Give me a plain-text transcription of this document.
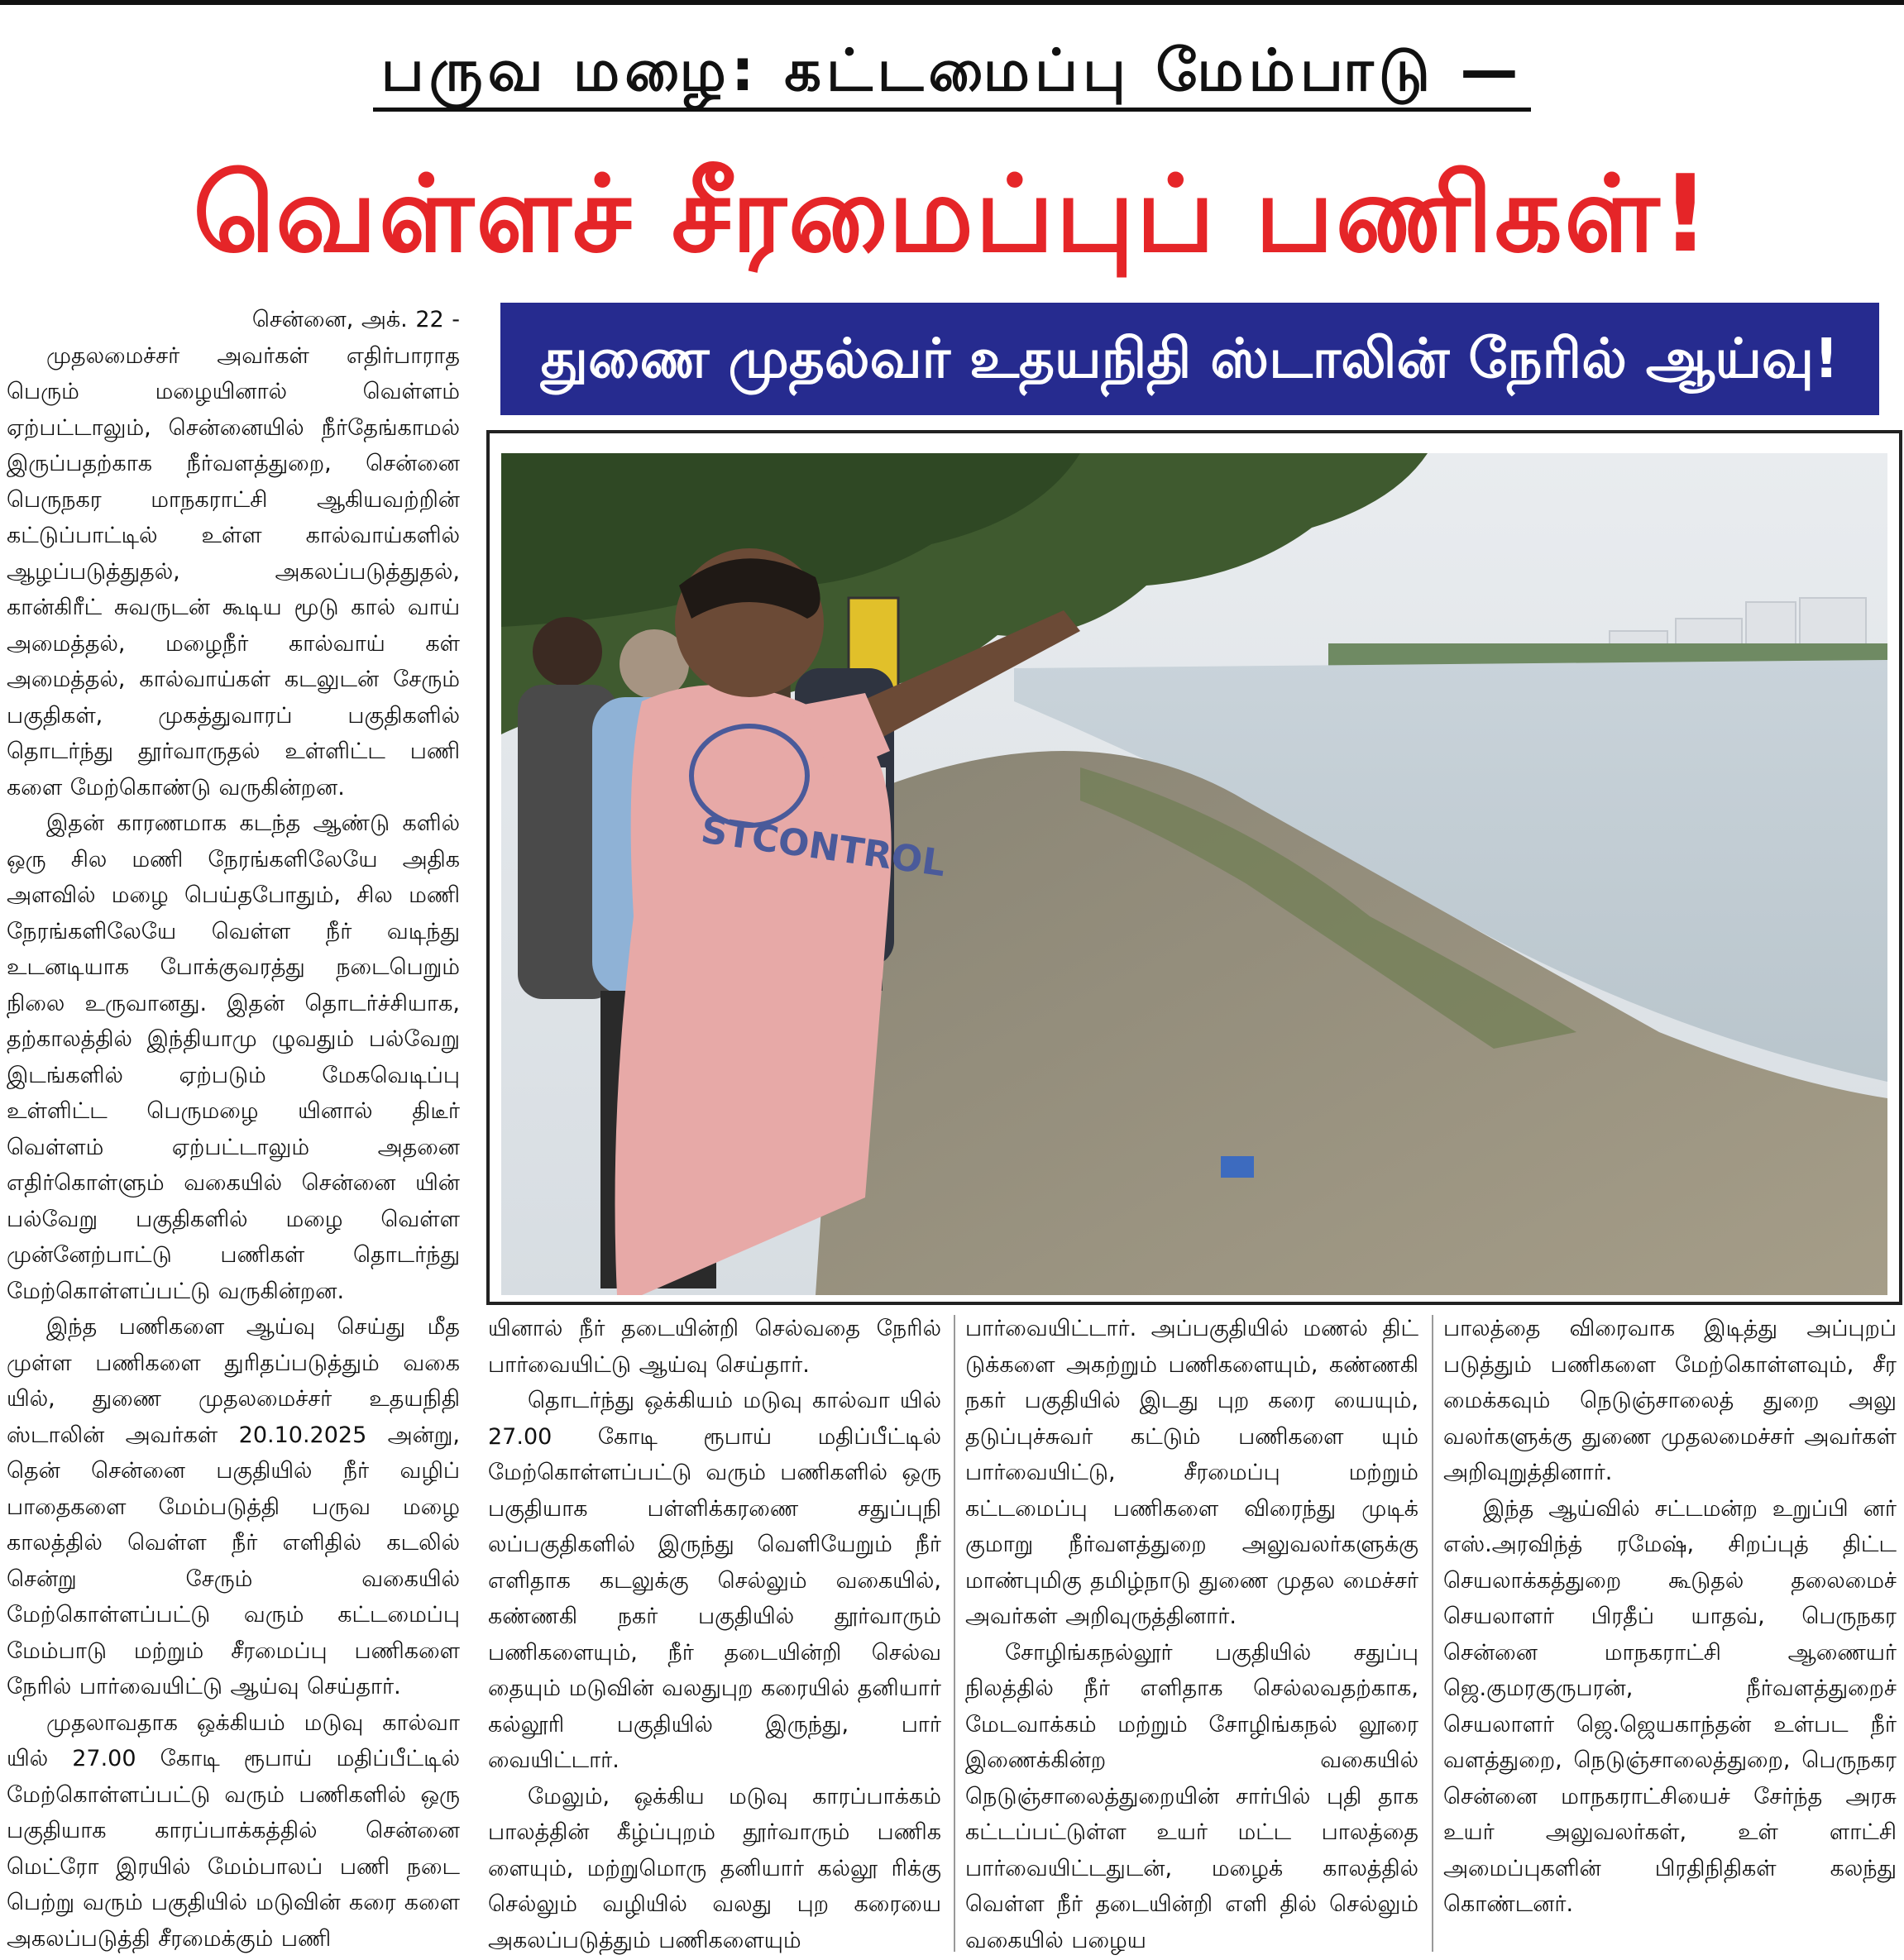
பருவ மழை: கட்டமைப்பு மேம்பாடு —
வெள்ளச் சீரமைப்புப் பணிகள்!
துணை முதல்வர் உதயநிதி ஸ்டாலின் நேரில் ஆய்வு!

சென்னை, அக். 22 -

முதலமைச்சர் அவர்கள் எதிர்பாராத பெரும் மழையினால் வெள்ளம் ஏற்பட்டாலும், சென்னையில் நீர்தேங்காமல் இருப்பதற்காக நீர்வளத்துறை, சென்னை பெருநகர மாநகராட்சி ஆகியவற்றின் கட்டுப்பாட்டில் உள்ள கால்வாய்களில் ஆழப்படுத்துதல், அகலப்படுத்துதல், கான்கிரீட் சுவருடன் கூடிய மூடு கால் வாய் அமைத்தல், மழைநீர் கால்வாய் கள் அமைத்தல், கால்வாய்கள் கடலுடன் சேரும் பகுதிகள், முகத்துவாரப் பகுதிகளில் தொடர்ந்து தூர்வாருதல் உள்ளிட்ட பணி களை மேற்கொண்டு வருகின்றன.

இதன் காரணமாக கடந்த ஆண்டு களில் ஒரு சில மணி நேரங்களிலேயே அதிக அளவில் மழை பெய்தபோதும், சில மணி நேரங்களிலேயே வெள்ள நீர் வடிந்து உடனடியாக போக்குவரத்து நடைபெறும் நிலை உருவானது. இதன் தொடர்ச்சியாக, தற்காலத்தில் இந்தியாமு ழுவதும் பல்வேறு இடங்களில் ஏற்படும் மேகவெடிப்பு உள்ளிட்ட பெருமழை யினால் திடீர் வெள்ளம் ஏற்பட்டாலும் அதனை எதிர்கொள்ளும் வகையில் சென்னை யின் பல்வேறு பகுதிகளில் மழை வெள்ள முன்னேற்பாட்டு பணிகள் தொடர்ந்து மேற்கொள்ளப்பட்டு வருகின்றன.

இந்த பணிகளை ஆய்வு செய்து மீத முள்ள பணிகளை துரிதப்படுத்தும் வகை யில், துணை முதலமைச்சர் உதயநிதி ஸ்டாலின் அவர்கள் 20.10.2025 அன்று, தென் சென்னை பகுதியில் நீர் வழிப் பாதைகளை மேம்படுத்தி பருவ மழை காலத்தில் வெள்ள நீர் எளிதில் கடலில் சென்று சேரும் வகையில் மேற்கொள்ளப்பட்டு வரும் கட்டமைப்பு மேம்பாடு மற்றும் சீரமைப்பு பணிகளை நேரில் பார்வையிட்டு ஆய்வு செய்தார்.

முதலாவதாக ஒக்கியம் மடுவு கால்வா யில் 27.00 கோடி ரூபாய் மதிப்பீட்டில் மேற்கொள்ளப்பட்டு வரும் பணிகளில் ஒரு பகுதியாக காரப்பாக்கத்தில் சென்னை மெட்ரோ இரயில் மேம்பாலப் பணி நடை பெற்று வரும் பகுதியில் மடுவின் கரை களை அகலப்படுத்தி சீரமைக்கும் பணி

STCONTROL

யினால் நீர் தடையின்றி செல்வதை நேரில் பார்வையிட்டு ஆய்வு செய்தார்.

தொடர்ந்து ஒக்கியம் மடுவு கால்வா யில் 27.00 கோடி ரூபாய் மதிப்பீட்டில் மேற்கொள்ளப்பட்டு வரும் பணிகளில் ஒரு பகுதியாக பள்ளிக்கரணை சதுப்புநி லப்பகுதிகளில் இருந்து வெளியேறும் நீர் எளிதாக கடலுக்கு செல்லும் வகையில், கண்ணகி நகர் பகுதியில் தூர்வாரும் பணிகளையும், நீர் தடையின்றி செல்வ தையும் மடுவின் வலதுபுற கரையில் தனியார் கல்லூரி பகுதியில் இருந்து, பார் வையிட்டார்.

மேலும், ஒக்கிய மடுவு காரப்பாக்கம் பாலத்தின் கீழ்ப்புறம் தூர்வாரும் பணிக ளையும், மற்றுமொரு தனியார் கல்லூ ரிக்கு செல்லும் வழியில் வலது புற கரையை அகலப்படுத்தும் பணிகளையும்

பார்வையிட்டார். அப்பகுதியில் மணல் திட் டுக்களை அகற்றும் பணிகளையும், கண்ணகி நகர் பகுதியில் இடது புற கரை யையும், தடுப்புச்சுவர் கட்டும் பணிகளை யும் பார்வையிட்டு, சீரமைப்பு மற்றும் கட்டமைப்பு பணிகளை விரைந்து முடிக் குமாறு நீர்வளத்துறை அலுவலர்களுக்கு மாண்புமிகு தமிழ்நாடு துணை முதல மைச்சர் அவர்கள் அறிவுருத்தினார்.

சோழிங்கநல்லூர் பகுதியில் சதுப்பு நிலத்தில் நீர் எளிதாக செல்லவதற்காக, மேடவாக்கம் மற்றும் சோழிங்கநல் லூரை இணைக்கின்ற வகையில் நெடுஞ்சாலைத்துறையின் சார்பில் புதி தாக கட்டப்பட்டுள்ள உயர் மட்ட பாலத்தை பார்வையிட்டதுடன், மழைக் காலத்தில் வெள்ள நீர் தடையின்றி எளி தில் செல்லும் வகையில் பழைய

பாலத்தை விரைவாக இடித்து அப்புறப் படுத்தும் பணிகளை மேற்கொள்ளவும், சீர மைக்கவும் நெடுஞ்சாலைத் துறை அலு வலர்களுக்கு துணை முதலமைச்சர் அவர்கள் அறிவுறுத்தினார்.

இந்த ஆய்வில் சட்டமன்ற உறுப்பி னர் எஸ்.அரவிந்த் ரமேஷ், சிறப்புத் திட்ட செயலாக்கத்துறை கூடுதல் தலைமைச் செயலாளர் பிரதீப் யாதவ், பெருநகர சென்னை மாநகராட்சி ஆணையர் ஜெ.குமரகுருபரன், நீர்வளத்துறைச் செயலாளர் ஜெ.ஜெயகாந்தன் உள்பட நீர் வளத்துறை, நெடுஞ்சாலைத்துறை, பெருநகர சென்னை மாநகராட்சியைச் சேர்ந்த அரசு உயர் அலுவலர்கள், உள் ளாட்சி அமைப்புகளின் பிரதிநிதிகள் கலந்து கொண்டனர்.
